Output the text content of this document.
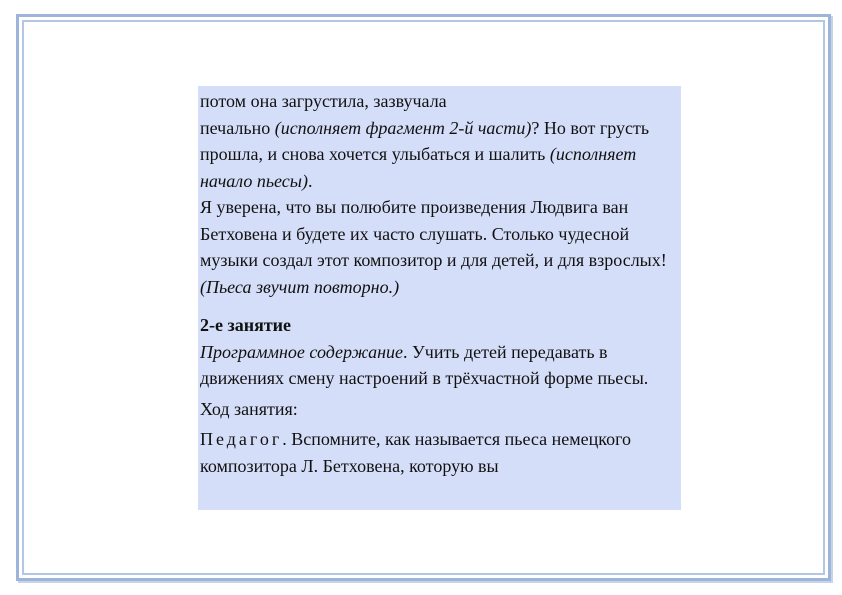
потом она загрустила, зазвучала
печально (исполняет фрагмент 2-й части)? Но вот грусть прошла, и снова хочется улыбаться и шалить (исполняет начало пьесы).

Я уверена, что вы полюбите произведения Людвига ван Бетховена и будете их часто слушать. Столько чудесной музыки создал этот композитор и для детей, и для взрослых! (Пьеса звучит повторно.)

2-е занятие

Программное содержание. Учить детей передавать в движениях смену настроений в трёхчастной форме пьесы.

Ход занятия:

Педагог. Вспомните, как называется пьеса немецкого композитора Л. Бетховена, которую вы
